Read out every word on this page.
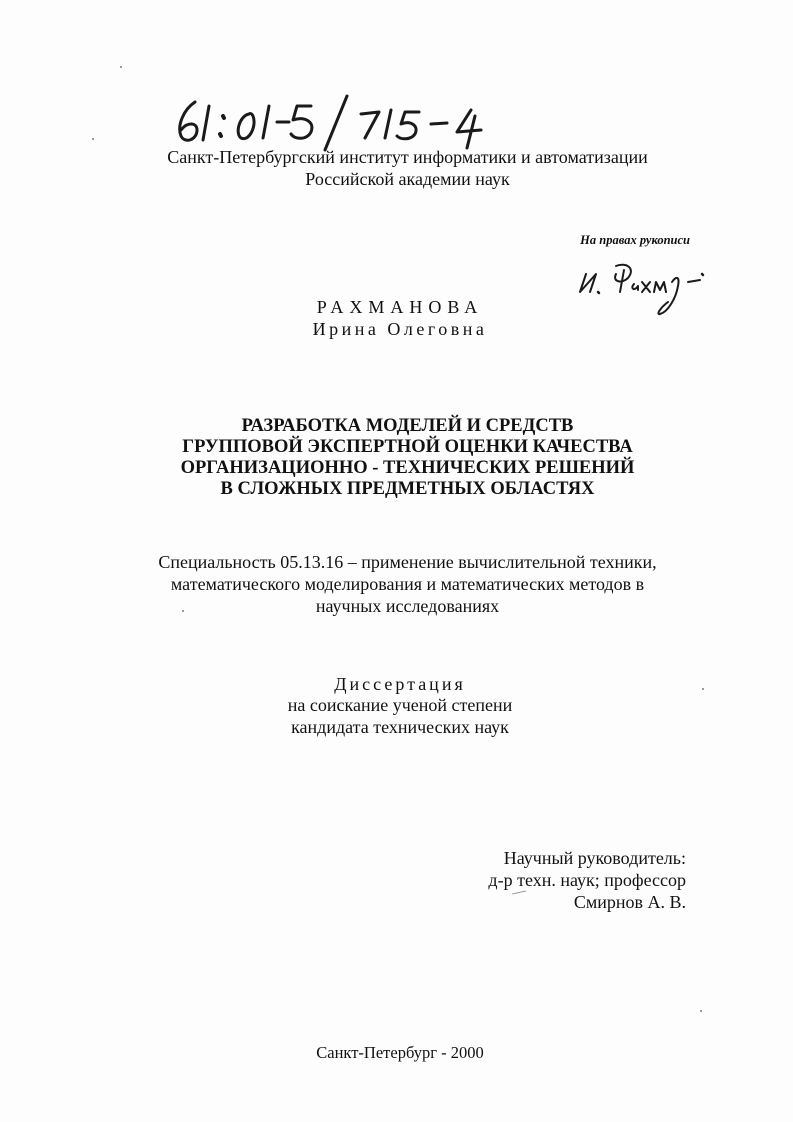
Санкт-Петербургский институт информатики и автоматизации
Российской академии наук
На правах рукописи
РАХМАНОВА
Ирина Олеговна
РАЗРАБОТКА МОДЕЛЕЙ И СРЕДСТВ
ГРУППОВОЙ ЭКСПЕРТНОЙ ОЦЕНКИ КАЧЕСТВА
ОРГАНИЗАЦИОННО - ТЕХНИЧЕСКИХ РЕШЕНИЙ
В СЛОЖНЫХ ПРЕДМЕТНЫХ ОБЛАСТЯХ
Специальность 05.13.16 – применение вычислительной техники,
математического моделирования и математических методов в
научных исследованиях
Диссертация
на соискание ученой степени
кандидата технических наук
Научный руководитель:
д-р техн. наук; профессор
Смирнов А. В.
Санкт-Петербург - 2000
